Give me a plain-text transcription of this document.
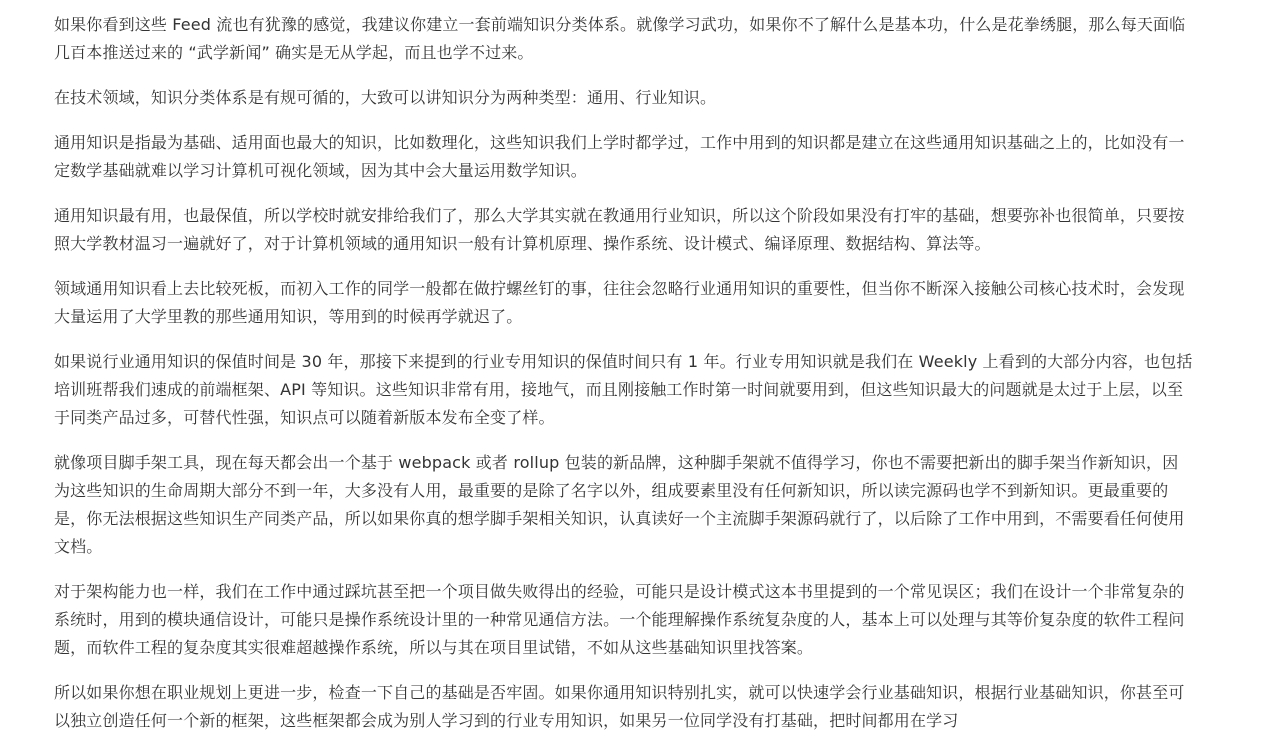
如果你看到这些 Feed 流也有犹豫的感觉，我建议你建立一套前端知识分类体系。就像学习武功，如果你不了解什么是基本功，什么是花拳绣腿，那么每天面临几百本推送过来的 “武学新闻” 确实是无从学起，而且也学不过来。

在技术领域，知识分类体系是有规可循的，大致可以讲知识分为两种类型：通用、行业知识。

通用知识是指最为基础、适用面也最大的知识，比如数理化，这些知识我们上学时都学过，工作中用到的知识都是建立在这些通用知识基础之上的，比如没有一定数学基础就难以学习计算机可视化领域，因为其中会大量运用数学知识。

通用知识最有用，也最保值，所以学校时就安排给我们了，那么大学其实就在教通用行业知识，所以这个阶段如果没有打牢的基础，想要弥补也很简单，只要按照大学教材温习一遍就好了，对于计算机领域的通用知识一般有计算机原理、操作系统、设计模式、编译原理、数据结构、算法等。

领域通用知识看上去比较死板，而初入工作的同学一般都在做拧螺丝钉的事，往往会忽略行业通用知识的重要性，但当你不断深入接触公司核心技术时，会发现大量运用了大学里教的那些通用知识，等用到的时候再学就迟了。

如果说行业通用知识的保值时间是 30 年，那接下来提到的行业专用知识的保值时间只有 1 年。行业专用知识就是我们在 Weekly 上看到的大部分内容，也包括培训班帮我们速成的前端框架、API 等知识。这些知识非常有用，接地气，而且刚接触工作时第一时间就要用到，但这些知识最大的问题就是太过于上层，以至于同类产品过多，可替代性强，知识点可以随着新版本发布全变了样。

就像项目脚手架工具，现在每天都会出一个基于 webpack 或者 rollup 包装的新品牌，这种脚手架就不值得学习，你也不需要把新出的脚手架当作新知识，因为这些知识的生命周期大部分不到一年，大多没有人用，最重要的是除了名字以外，组成要素里没有任何新知识，所以读完源码也学不到新知识。更最重要的是，你无法根据这些知识生产同类产品，所以如果你真的想学脚手架相关知识，认真读好一个主流脚手架源码就行了，以后除了工作中用到，不需要看任何使用文档。

对于架构能力也一样，我们在工作中通过踩坑甚至把一个项目做失败得出的经验，可能只是设计模式这本书里提到的一个常见误区；我们在设计一个非常复杂的系统时，用到的模块通信设计，可能只是操作系统设计里的一种常见通信方法。一个能理解操作系统复杂度的人，基本上可以处理与其等价复杂度的软件工程问题，而软件工程的复杂度其实很难超越操作系统，所以与其在项目里试错，不如从这些基础知识里找答案。

所以如果你想在职业规划上更进一步，检查一下自己的基础是否牢固。如果你通用知识特别扎实，就可以快速学会行业基础知识，根据行业基础知识，你甚至可以独立创造任何一个新的框架，这些框架都会成为别人学习到的行业专用知识，如果另一位同学没有打基础，把时间都用在学习
